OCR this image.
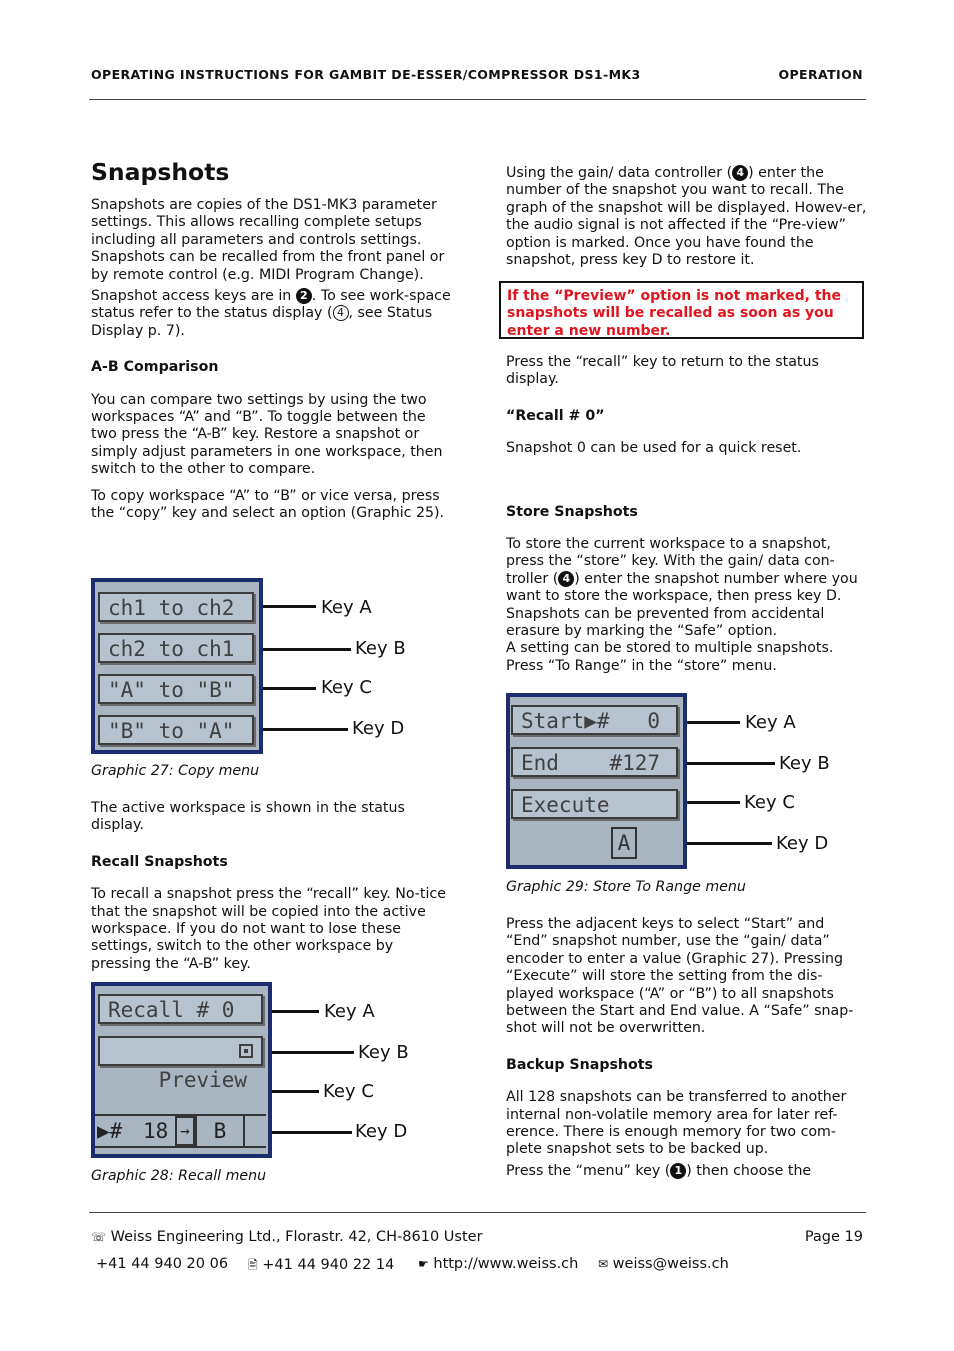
OPERATING INSTRUCTIONS FOR GAMBIT DE-ESSER/COMPRESSOR DS1-MK3	OPERATION
Snapshots

Snapshots are copies of the DS1-MK3 parameter settings. This allows recalling complete setups including all parameters and controls settings. Snapshots can be recalled from the front panel or by remote control (e.g. MIDI Program Change).

Snapshot access keys are in 2 . To see work-space status refer to the status display ( 4 , see Status Display p. 7).

A-B Comparison

You can compare two settings by using the two workspaces “A” and “B”. To toggle between the two press the “A-B” key. Restore a snapshot or simply adjust parameters in one workspace, then switch to the other to compare.

To copy workspace “A” to “B” or vice versa, press the “copy” key and select an option (Graphic 25).

ch1 to ch2
ch2 to ch1
"A" to "B"
"B" to "A"
Key A
Key B
Key C
Key D
Graphic 27: Copy menu

The active workspace is shown in the status display.

Recall Snapshots

To recall a snapshot press the “recall” key. No-tice that the snapshot will be copied into the active workspace. If you do not want to lose these settings, switch to the other workspace by pressing the “A-B” key.

Recall # 0

Preview

▶# 18 →	B
Key A
Key B
Key C
Key D
Graphic 28: Recall menu

Using the gain/ data controller ( 4 ) enter the number of the snapshot you want to recall. The graph of the snapshot will be displayed. Howev-er, the audio signal is not affected if the “Pre-view” option is marked. Once you have found the snapshot, press key D to restore it.

If the “Preview” option is not marked, the snapshots will be recalled as soon as you enter a new number.

Press the “recall” key to return to the status display.

“Recall # 0”

Snapshot 0 can be used for a quick reset.

Store Snapshots

To store the current workspace to a snapshot, press the “store” key. With the gain/ data con-troller ( 4 ) enter the snapshot number where you want to store the workspace, then press key D. Snapshots can be prevented from accidental erasure by marking the “Safe” option.

A setting can be stored to multiple snapshots. Press “To Range” in the “store” menu.

Start▶#   0
End    #127
Execute
A
Key A
Key B
Key C
Key D
Graphic 29: Store To Range menu

Press the adjacent keys to select “Start” and “End” snapshot number, use the “gain/ data” encoder to enter a value (Graphic 27). Pressing “Execute” will store the setting from the dis-played workspace (“A” or “B”) to all snapshots between the Start and End value. A “Safe” snap-shot will not be overwritten.

Backup Snapshots

All 128 snapshots can be transferred to another internal non-volatile memory area for later ref-erence. There is enough memory for two com-plete snapshot sets to be backed up.

Press the “menu” key ( 1 ) then choose the

☏ Weiss Engineering Ltd., Florastr. 42, CH-8610 Uster	Page 19
+41 44 940 20 06 🖹 +41 44 940 22 14 ☛ http://www.weiss.ch ✉ weiss@weiss.ch
